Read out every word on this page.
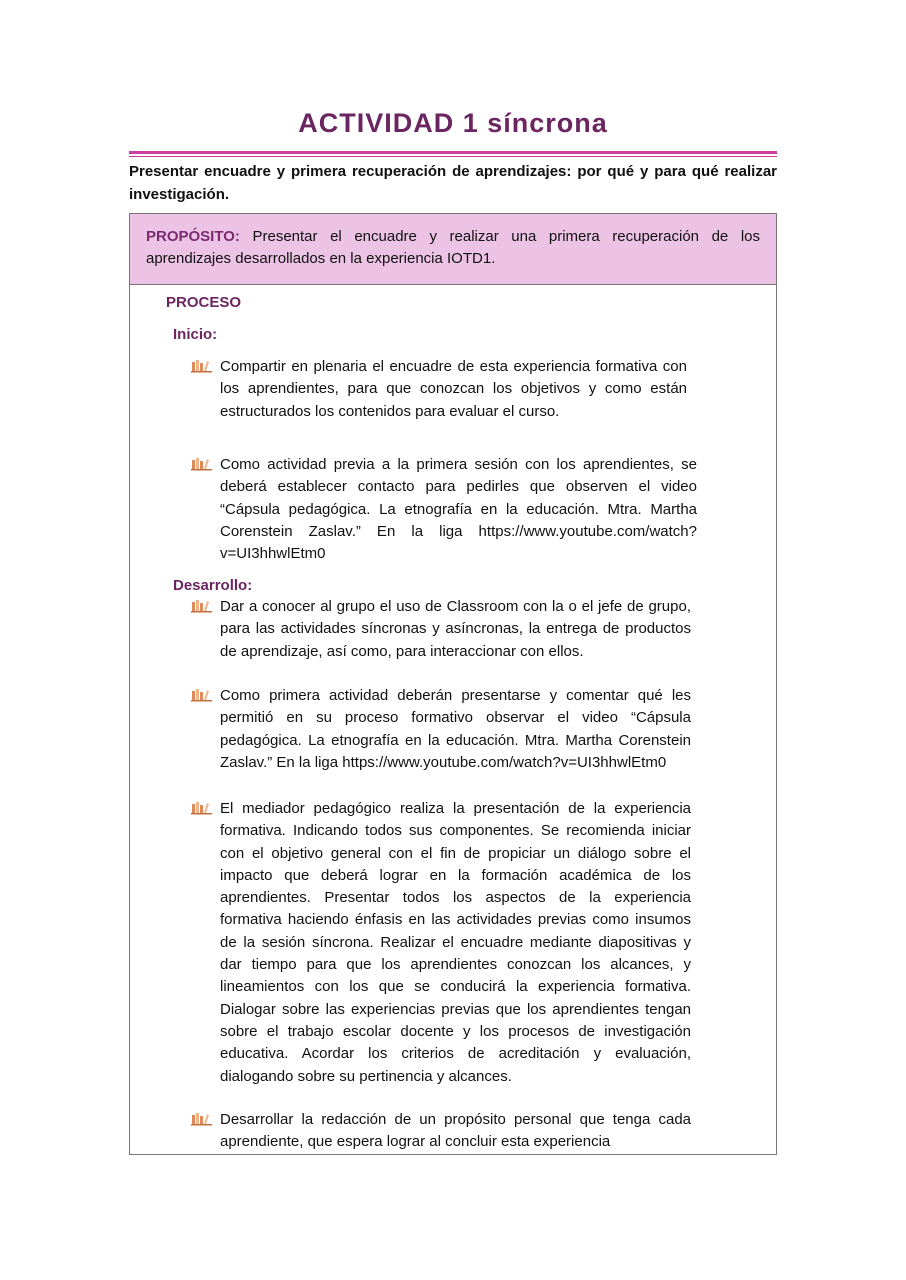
ACTIVIDAD 1 síncrona
Presentar encuadre y primera recuperación de aprendizajes: por qué y para qué realizar investigación.
PROPÓSITO: Presentar el encuadre y realizar una primera recuperación de los aprendizajes desarrollados en la experiencia IOTD1.
PROCESO
Inicio:
Compartir en plenaria el encuadre de esta experiencia formativa con los aprendientes, para que conozcan los objetivos y como están estructurados los contenidos para evaluar el curso.
Como actividad previa a la primera sesión con los aprendientes, se deberá establecer contacto para pedirles que observen el video “Cápsula pedagógica. La etnografía en la educación. Mtra. Martha Corenstein Zaslav.” En la liga https://www.youtube.com/watch?v=UI3hhwlEtm0
Desarrollo:
Dar a conocer al grupo el uso de Classroom con la o el jefe de grupo, para las actividades síncronas y asíncronas, la entrega de productos de aprendizaje, así como, para interaccionar con ellos.
Como primera actividad deberán presentarse y comentar qué les permitió en su proceso formativo observar el video “Cápsula pedagógica. La etnografía en la educación. Mtra. Martha Corenstein Zaslav.” En la liga https://www.youtube.com/watch?v=UI3hhwlEtm0
El mediador pedagógico realiza la presentación de la experiencia formativa. Indicando todos sus componentes. Se recomienda iniciar con el objetivo general con el fin de propiciar un diálogo sobre el impacto que deberá lograr en la formación académica de los aprendientes. Presentar todos los aspectos de la experiencia formativa haciendo énfasis en las actividades previas como insumos de la sesión síncrona. Realizar el encuadre mediante diapositivas y dar tiempo para que los aprendientes conozcan los alcances, y lineamientos con los que se conducirá la experiencia formativa. Dialogar sobre las experiencias previas que los aprendientes tengan sobre el trabajo escolar docente y los procesos de investigación educativa. Acordar los criterios de acreditación y evaluación, dialogando sobre su pertinencia y alcances.
Desarrollar la redacción de un propósito personal que tenga cada aprendiente, que espera lograr al concluir esta experiencia
